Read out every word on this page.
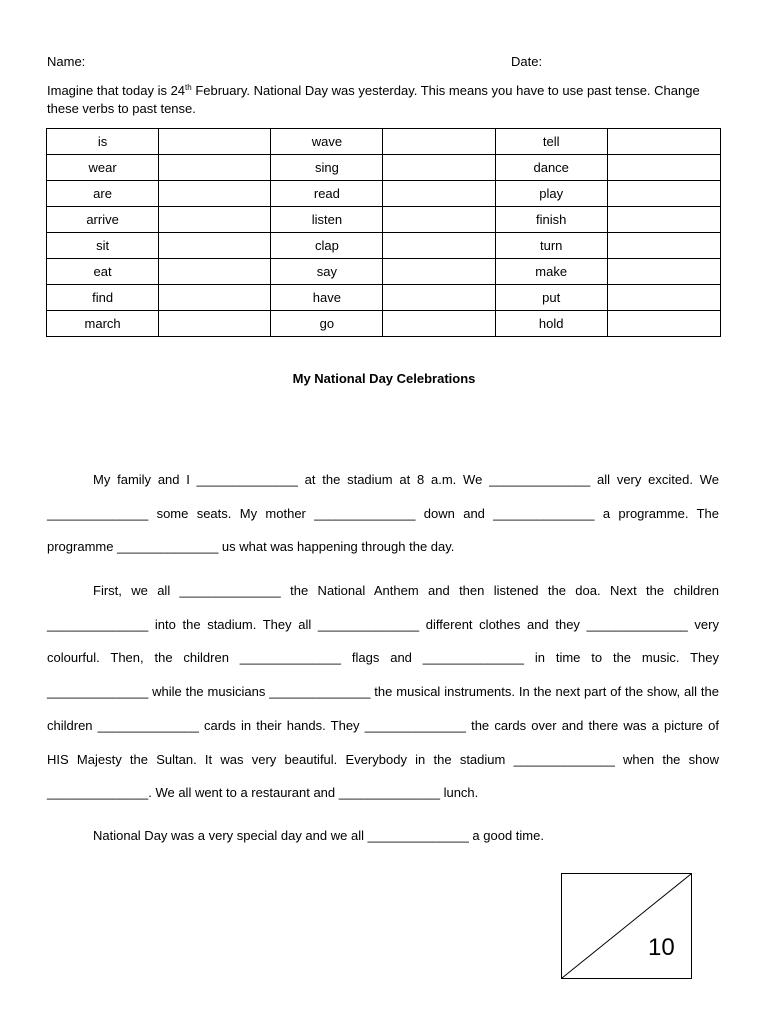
Name:	Date:
Imagine that today is 24th February. National Day was yesterday. This means you have to use past tense. Change these verbs to past tense.
is		wave		tell	
wear		sing		dance	
are		read		play	
arrive		listen		finish	
sit		clap		turn	
eat		say		make	
find		have		put	
march		go		hold	
My National Day Celebrations

My family and I ______________ at the stadium at 8 a.m. We ______________ all very excited. We ______________ some seats. My mother ______________ down and ______________ a programme. The programme ______________ us what was happening through the day.

First, we all ______________ the National Anthem and then listened the doa. Next the children ______________ into the stadium. They all ______________ different clothes and they ______________ very colourful. Then, the children ______________ flags and ______________ in time to the music. They ______________ while the musicians ______________ the musical instruments. In the next part of the show, all the children ______________ cards in their hands. They ______________ the cards over and there was a picture of HIS Majesty the Sultan. It was very beautiful. Everybody in the stadium ______________ when the show ______________. We all went to a restaurant and ______________ lunch.

National Day was a very special day and we all ______________ a good time.

10
